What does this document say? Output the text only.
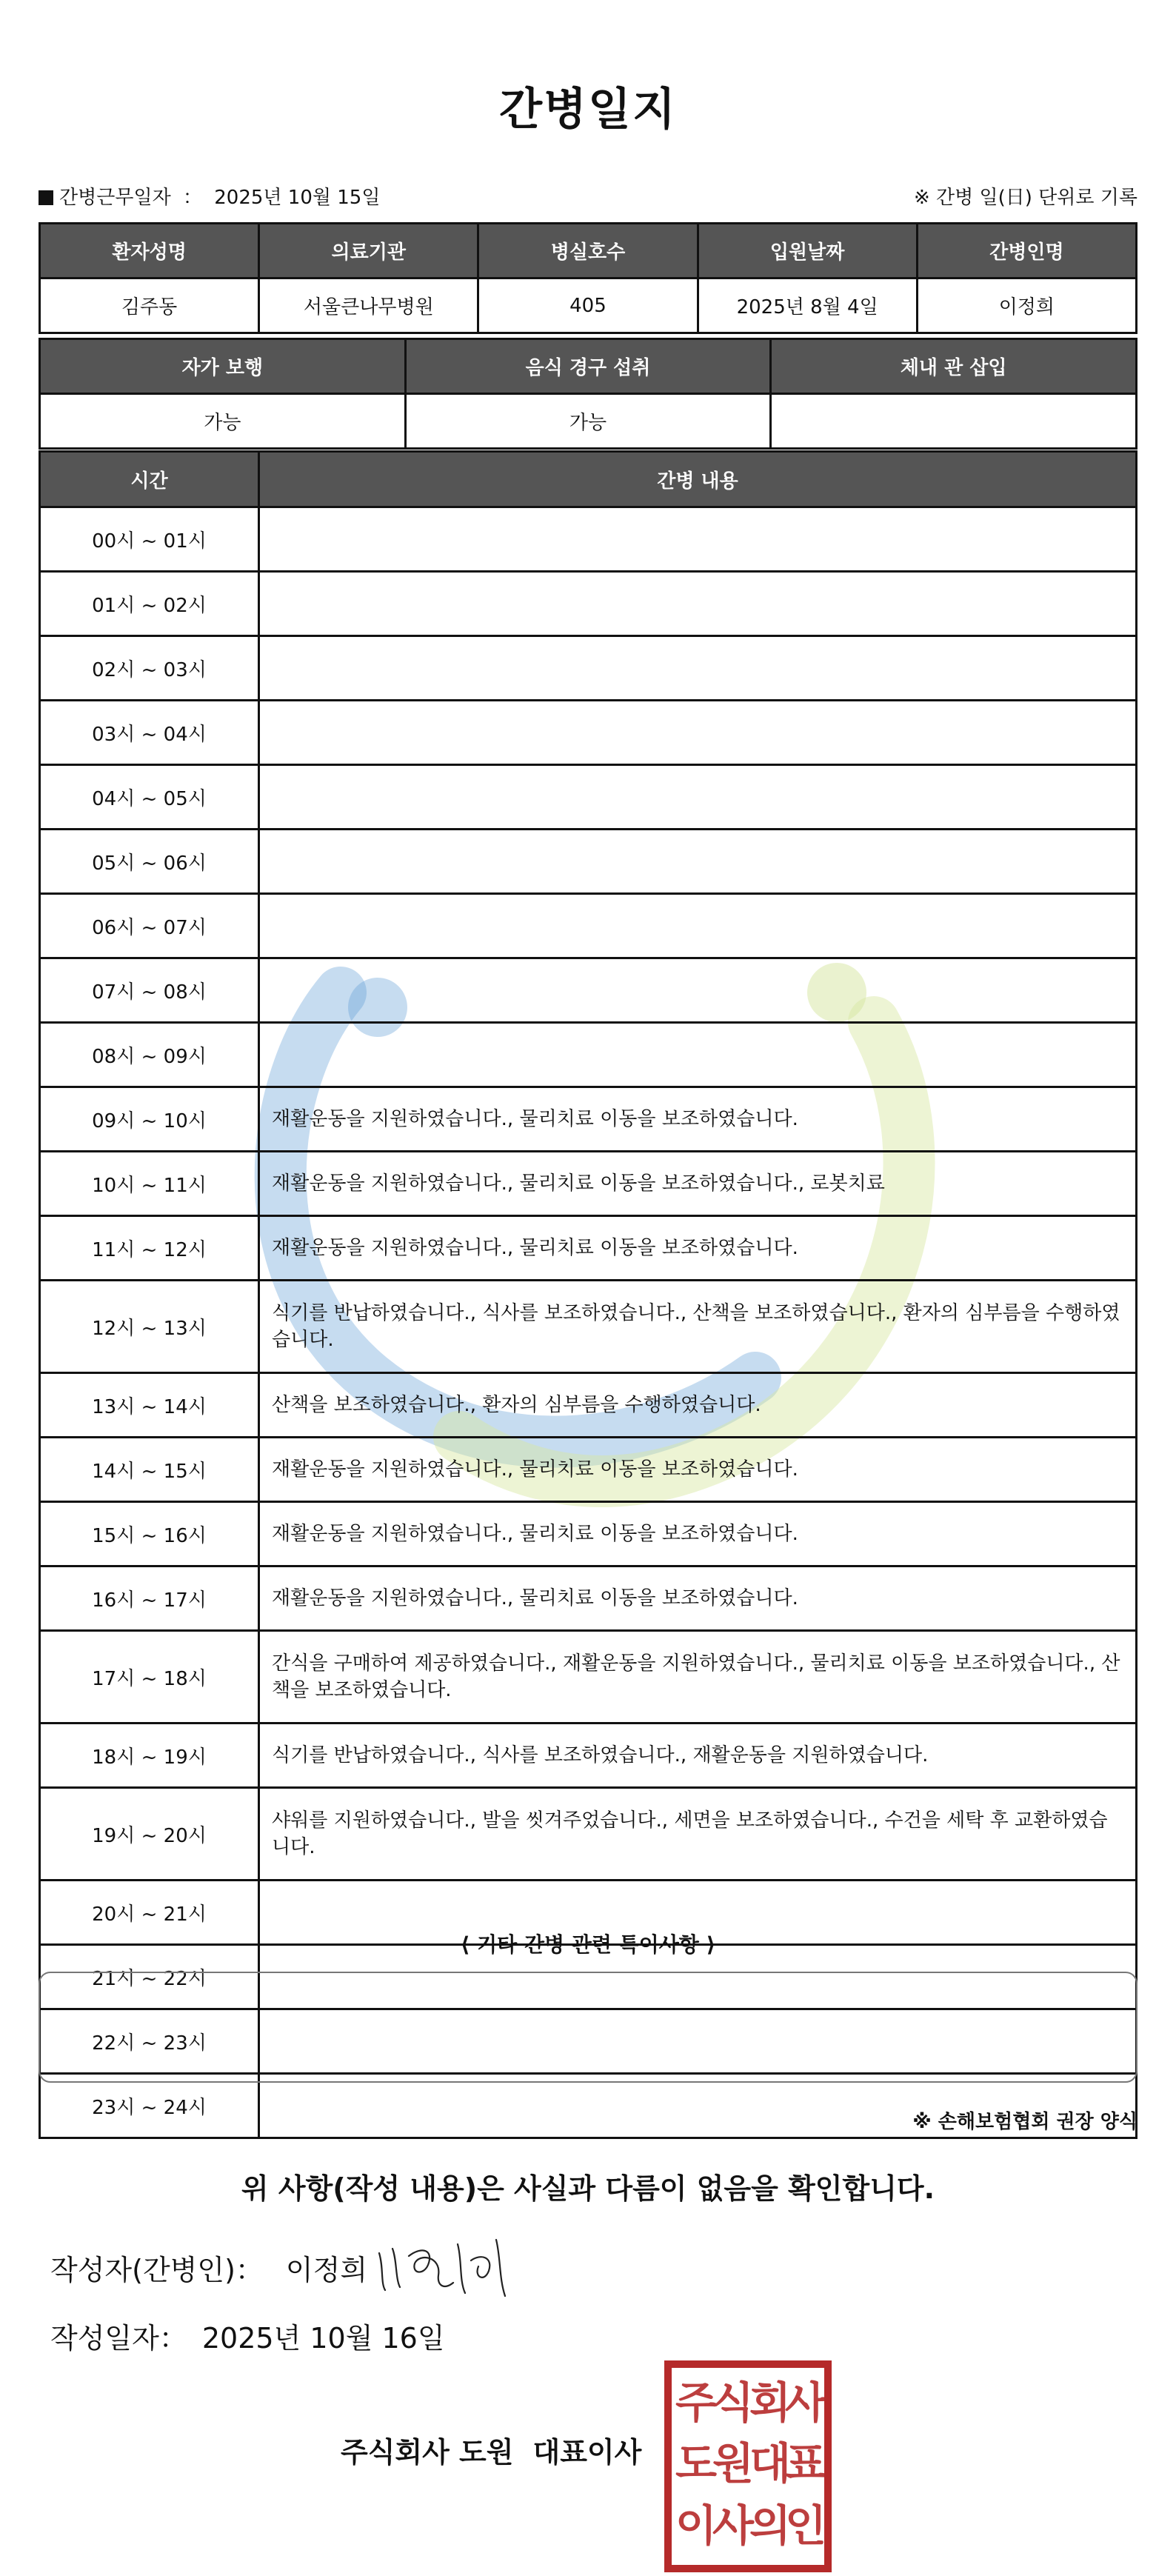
간병일지
간병근무일자 ： 2025년 10월 15일	※ 간병 일(日) 단위로 기록
환자성명	의료기관	병실호수	입원날짜	간병인명
김주동	서울큰나무병원	405	2025년 8월 4일	이정희
자가 보행	음식 경구 섭취	체내 관 삽입
가능	가능	
시간	간병 내용
00시 ~ 01시	
01시 ~ 02시	
02시 ~ 03시	
03시 ~ 04시	
04시 ~ 05시	
05시 ~ 06시	
06시 ~ 07시	
07시 ~ 08시	
08시 ~ 09시	
09시 ~ 10시	재활운동을 지원하였습니다., 물리치료 이동을 보조하였습니다.
10시 ~ 11시	재활운동을 지원하였습니다., 물리치료 이동을 보조하였습니다., 로봇치료
11시 ~ 12시	재활운동을 지원하였습니다., 물리치료 이동을 보조하였습니다.
12시 ~ 13시	식기를 반납하였습니다., 식사를 보조하였습니다., 산책을 보조하였습니다., 환자의 심부름을 수행하였습니다.
13시 ~ 14시	산책을 보조하였습니다., 환자의 심부름을 수행하였습니다.
14시 ~ 15시	재활운동을 지원하였습니다., 물리치료 이동을 보조하였습니다.
15시 ~ 16시	재활운동을 지원하였습니다., 물리치료 이동을 보조하였습니다.
16시 ~ 17시	재활운동을 지원하였습니다., 물리치료 이동을 보조하였습니다.
17시 ~ 18시	간식을 구매하여 제공하였습니다., 재활운동을 지원하였습니다., 물리치료 이동을 보조하였습니다., 산책을 보조하였습니다.
18시 ~ 19시	식기를 반납하였습니다., 식사를 보조하였습니다., 재활운동을 지원하였습니다.
19시 ~ 20시	샤워를 지원하였습니다., 발을 씻겨주었습니다., 세면을 보조하였습니다., 수건을 세탁 후 교환하였습니다.
20시 ~ 21시	
21시 ~ 22시	
22시 ~ 23시	
23시 ~ 24시	
⟨ 기타 간병 관련 특이사항 ⟩
※ 손해보험협회 권장 양식
위 사항(작성 내용)은 사실과 다름이 없음을 확인합니다.
작성자(간병인)： 이정희
작성일자： 2025년 10월 16일
주식회사 도원 대표이사
주
식
회
사
도
원
대
표
이
사
의
인
